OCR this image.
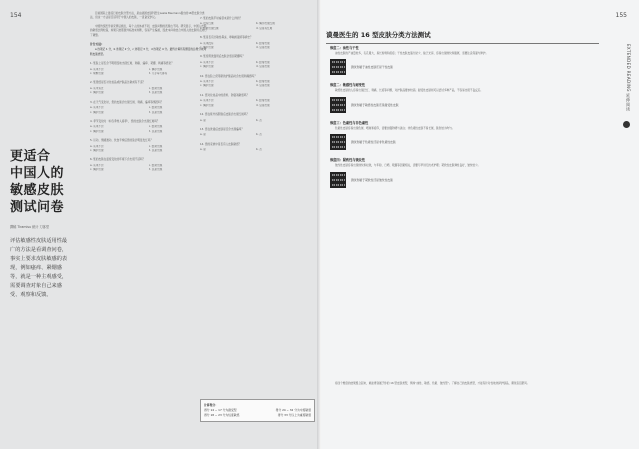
154	155
更适合
中国人的
敏感皮肤
测试问卷
撰稿 Tiramisu 统计 刀客堂
评估敏感性皮肤适用性最广的方法是看调查问卷，事实上要求皮肤敏感的表现，例如瘙痒、紧绷感等，就是一种主观感受，需要调查对象自己来感受、观察和反馈。
目前国际上最流行的皮肤分型方法，是由美国皮肤科医生Leslie Baumann提出的16型皮肤分类法，但这一方法是否适用于中国人的皮肤，一直备受争议。
中国传统医学讲究辨证施治，每个人的体质不同，皮肤问题的表现也不同。研究显示，中国人皮肤的敏感比例较高，如果只按照国外标准来判断，容易产生偏差，因此本问卷结合中国人的皮肤特点进行了调整。
计分方法:
a 选项记 1 分，b 选项记 2 分，c 选项记 3 分，d 选项记 4 分。最终计算所有题目的总得分来判断皮肤类型。
1. 您脸上是否会不明原因地出现红斑、刺痛、瘙痒、紧绷、刺痛等感觉？
a. 从来不会	b. 偶尔出现
c. 频繁出现	d. 几乎每天都有
2. 您曾经是否对化妆品或护肤品过敏或有不适？
a. 从未有过	b. 经常出现
c. 偶尔出现	d. 总是出现
3. 在天气变化时，您的皮肤会出现红斑、刺痛、瘙痒等情况吗？
a. 从来不会	b. 经常出现
c. 偶尔出现	d. 总是出现
4. 季节变化时（如冬季转入春季），您的皮肤会出现红斑吗？
a. 从来不会	b. 经常出现
c. 偶尔出现	d. 总是出现
5. 运动、情绪激动、饮食辛辣后您的脸会明显发红吗？
a. 从来不会	b. 经常出现
c. 偶尔出现	d. 总是出现
6. 您的皮肤在温度变化的环境下会出现不适吗？
a. 从来不会	b. 经常出现
c. 偶尔出现	d. 总是出现
7. 您的皮肤平时看起来是什么样的？
a. 没有红斑	b. 偶尔出现红斑
c. 经常出现红斑	d. 总是有红斑
8. 您是否有过敏性鼻炎、哮喘或湿疹等病史？
a. 从来没有	b. 经常出现
c. 偶尔出现	d. 总是出现
9. 您使用洗面奶后皮肤会感到紧绷吗？
a. 从来不会	b. 经常出现
c. 偶尔出现	d. 总是出现
10. 您在脸上使用新的护肤品时会出现刺痛感吗？
a. 从来不会	b. 经常出现
c. 偶尔出现	d. 总是出现
11. 您对化妆品中的香料、防腐剂敏感吗？
a. 从来不会	b. 经常出现
c. 偶尔出现	d. 总是出现
12. 您在紫外线照射后皮肤会出现红斑吗？
a. 是	b. 否
13. 您在洗澡后皮肤是否会出现瘙痒？
a. 是	b. 否
14. 您的家族中是否有人皮肤敏感？
a. 是	b. 否
计算得分：
得分 14 ~ 17 分为耐受型	得分 24 ~ 32 分为中度敏感
得分 18 ~ 23 分为轻度敏感	得分 33 分以上为重度敏感
谟曼医生的 16 型皮肤分类方法测试
EXTENDED READING 延伸阅读
维度二：油性与干性
油性皮肤的产油量较多，毛孔粗大，易长粉刺和痘痘；干性皮肤皮脂分泌少，缺乏光泽，容易出现细纹和脱屑，需要注意保湿与修护。
测试你属于油性皮肤还是干性皮肤
维度二：敏感性与耐受性
敏感性皮肤的人容易出现泛红、刺痛、长痘等问题，对护肤品要求较高；耐受性皮肤则可以尝试多种产品，不容易出现不良反应。
测试你属于敏感性皮肤还是耐受性皮肤
维度三：色素性与非色素性
色素性皮肤容易出现色斑、晒斑和痘印，需要加强防晒与美白；非色素性皮肤不易长斑，肤色较为均匀。
测试你属于色素性还是非色素性皮肤
维度四：紧致性与皱纹性
皱纹性皮肤容易出现细纹和松弛，与年龄、日晒、吸烟等因素相关，需要尽早进行抗老护理；紧致性皮肤弹性良好，皱纹较少。
测试你属于紧致性还是皱纹性皮肤
将四个维度的结果组合起来，就能得到属于你的 16 型皮肤类型，例如“油性、敏感、色素、皱纹型”。了解自己的皮肤类型，才能有针对性地选择护肤品，避免盲目跟风。
